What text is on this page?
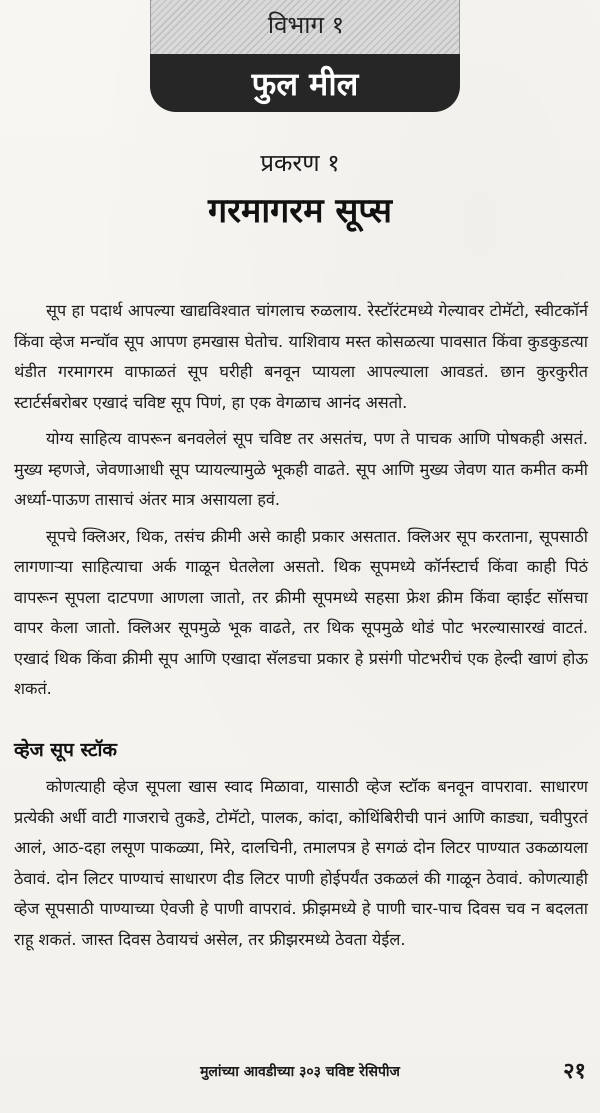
विभाग १
फुल मील
प्रकरण १
गरमागरम सूप्स

सूप हा पदार्थ आपल्या खाद्यविश्वात चांगलाच रुळलाय. रेस्टॉरंटमध्ये गेल्यावर टोमॅटो, स्वीटकॉर्न किंवा व्हेज मन्चॉव सूप आपण हमखास घेतोच. याशिवाय मस्त कोसळत्या पावसात किंवा कुडकुडत्या थंडीत गरमागरम वाफाळतं सूप घरीही बनवून प्यायला आपल्याला आवडतं. छान कुरकुरीत स्टार्टर्सबरोबर एखादं चविष्ट सूप पिणं, हा एक वेगळाच आनंद असतो.

योग्य साहित्य वापरून बनवलेलं सूप चविष्ट तर असतंच, पण ते पाचक आणि पोषकही असतं. मुख्य म्हणजे, जेवणाआधी सूप प्यायल्यामुळे भूकही वाढते. सूप आणि मुख्य जेवण यात कमीत कमी अर्ध्या-पाऊण तासाचं अंतर मात्र असायला हवं.

सूपचे क्लिअर, थिक, तसंच क्रीमी असे काही प्रकार असतात. क्लिअर सूप करताना, सूपसाठी लागणाऱ्या साहित्याचा अर्क गाळून घेतलेला असतो. थिक सूपमध्ये कॉर्नस्टार्च किंवा काही पिठं वापरून सूपला दाटपणा आणला जातो, तर क्रीमी सूपमध्ये सहसा फ्रेश क्रीम किंवा व्हाईट सॉसचा वापर केला जातो. क्लिअर सूपमुळे भूक वाढते, तर थिक सूपमुळे थोडं पोट भरल्यासारखं वाटतं. एखादं थिक किंवा क्रीमी सूप आणि एखादा सॅलडचा प्रकार हे प्रसंगी पोटभरीचं एक हेल्दी खाणं होऊ शकतं.

व्हेज सूप स्टॉक

कोणत्याही व्हेज सूपला खास स्वाद मिळावा, यासाठी व्हेज स्टॉक बनवून वापरावा. साधारण प्रत्येकी अर्धी वाटी गाजराचे तुकडे, टोमॅटो, पालक, कांदा, कोथिंबिरीची पानं आणि काड्या, चवीपुरतं आलं, आठ-दहा लसूण पाकळ्या, मिरे, दालचिनी, तमालपत्र हे सगळं दोन लिटर पाण्यात उकळायला ठेवावं. दोन लिटर पाण्याचं साधारण दीड लिटर पाणी होईपर्यंत उकळलं की गाळून ठेवावं. कोणत्याही व्हेज सूपसाठी पाण्याच्या ऐवजी हे पाणी वापरावं. फ्रीझमध्ये हे पाणी चार-पाच दिवस चव न बदलता राहू शकतं. जास्त दिवस ठेवायचं असेल, तर फ्रीझरमध्ये ठेवता येईल.

मुलांच्या आवडीच्या ३०३ चविष्ट रेसिपीज	२१
